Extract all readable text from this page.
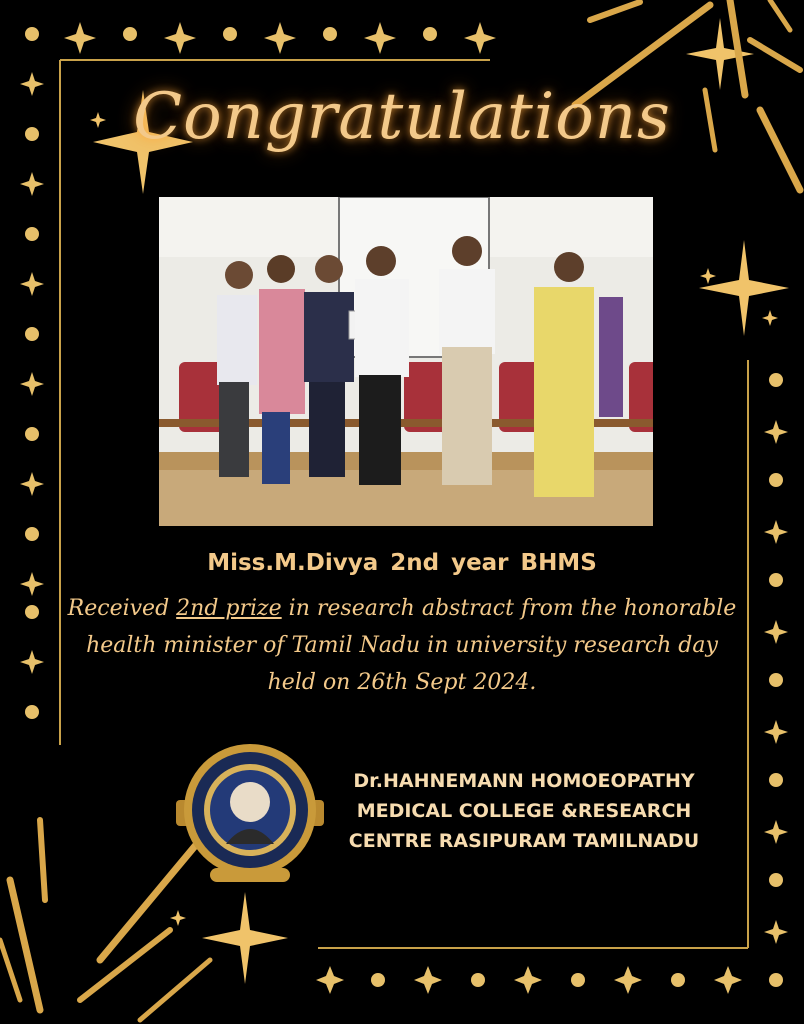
Congratulations
Miss.M.Divya 2nd year BHMS
Received 2nd prize in research abstract from the honorable health minister of Tamil Nadu in university research day held on 26th Sept 2024.
Dr.HAHNEMANN HOMOEOPATHY
MEDICAL COLLEGE &RESEARCH
CENTRE RASIPURAM TAMILNADU
